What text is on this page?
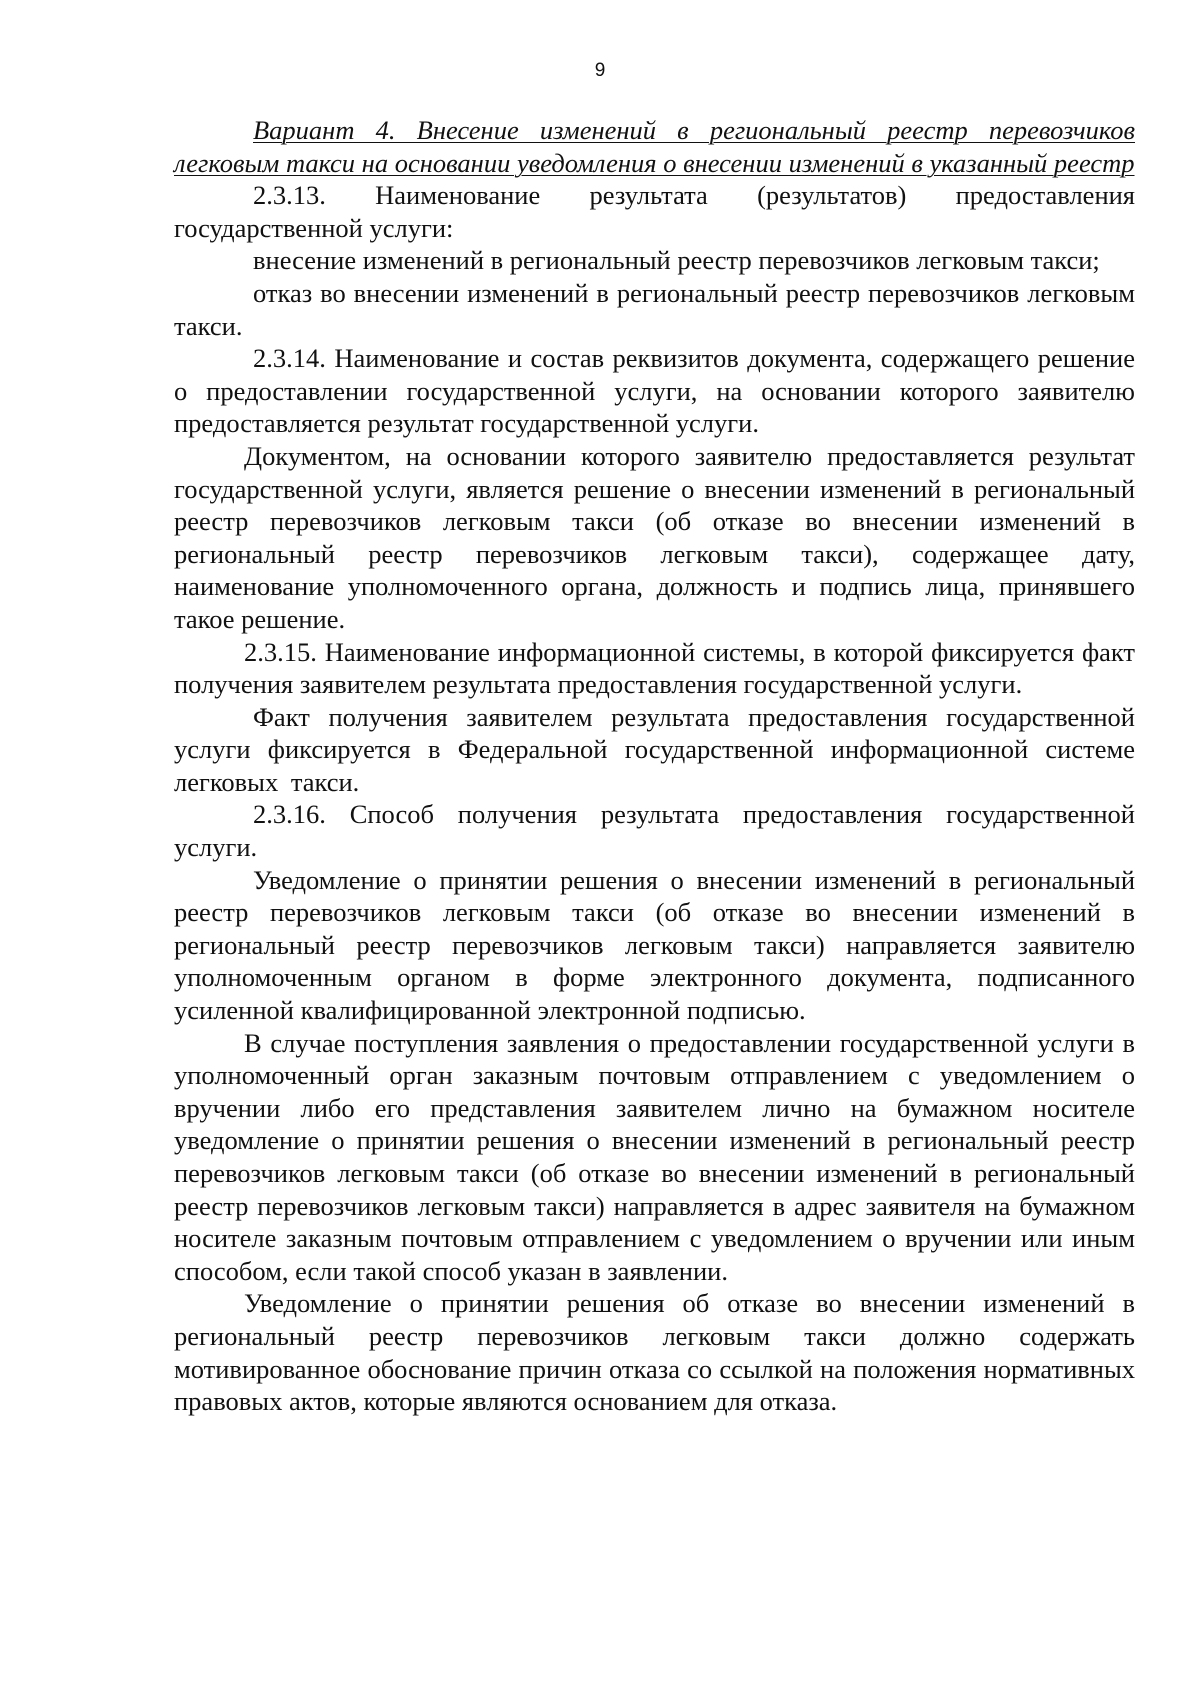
9

Вариант 4. Внесение изменений в региональный реестр перевозчиков легковым такси на основании уведомления о внесении изменений в указанный реестр

2.3.13. Наименование результата (результатов) предоставления государственной услуги:

внесение изменений в региональный реестр перевозчиков легковым такси;

отказ во внесении изменений в региональный реестр перевозчиков легковым такси.

2.3.14. Наименование и состав реквизитов документа, содержащего решение о предоставлении государственной услуги, на основании которого заявителю предоставляется результат государственной услуги.

Документом, на основании которого заявителю предоставляется результат государственной услуги, является решение о внесении изменений в региональный реестр перевозчиков легковым такси (об отказе во внесении изменений в региональный реестр перевозчиков легковым такси), содержащее дату, наименование уполномоченного органа, должность и подпись лица, принявшего такое решение.

2.3.15. Наименование информационной системы, в которой фиксируется факт получения заявителем результата предоставления государственной услуги.

Факт получения заявителем результата предоставления государственной услуги фиксируется в Федеральной государственной информационной системе легковых такси.

2.3.16. Способ получения результата предоставления государственной услуги.

Уведомление о принятии решения о внесении изменений в региональный реестр перевозчиков легковым такси (об отказе во внесении изменений в региональный реестр перевозчиков легковым такси) направляется заявителю уполномоченным органом в форме электронного документа, подписанного усиленной квалифицированной электронной подписью.

В случае поступления заявления о предоставлении государственной услуги в уполномоченный орган заказным почтовым отправлением с уведомлением о вручении либо его представления заявителем лично на бумажном носителе уведомление о принятии решения о внесении изменений в региональный реестр перевозчиков легковым такси (об отказе во внесении изменений в региональный реестр перевозчиков легковым такси) направляется в адрес заявителя на бумажном носителе заказным почтовым отправлением с уведомлением о вручении или иным способом, если такой способ указан в заявлении.

Уведомление о принятии решения об отказе во внесении изменений в региональный реестр перевозчиков легковым такси должно содержать мотивированное обоснование причин отказа со ссылкой на положения нормативных правовых актов, которые являются основанием для отказа.
